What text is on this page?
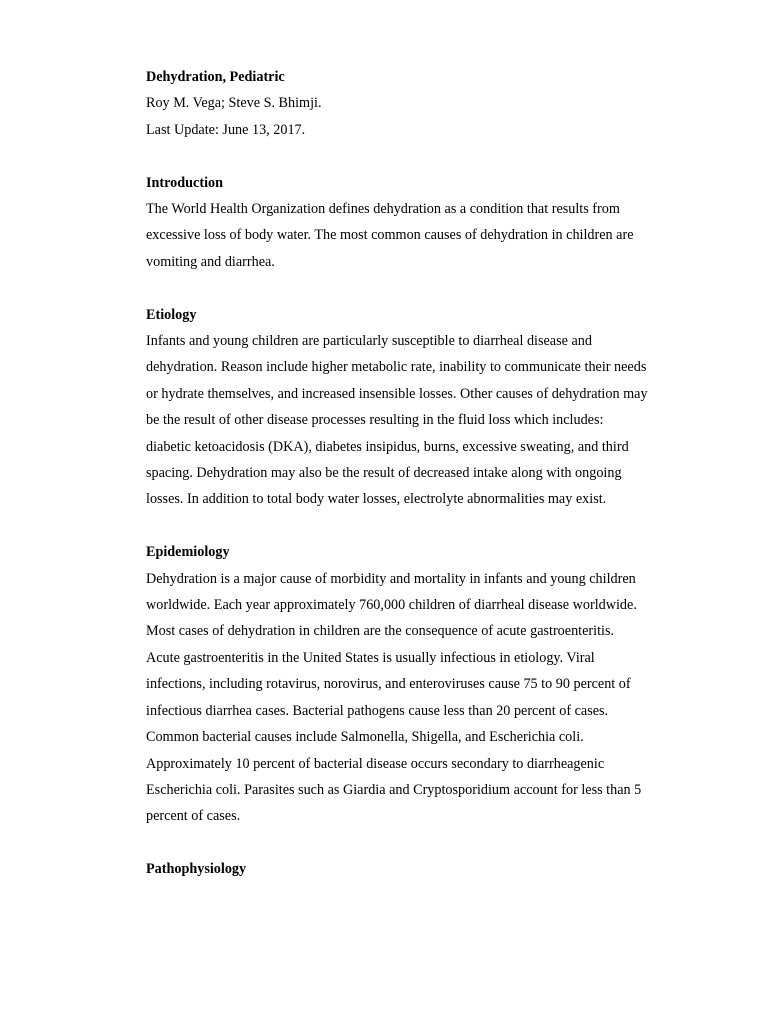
Dehydration, Pediatric
Roy M. Vega; Steve S. Bhimji.
Last Update: June 13, 2017.
Introduction

The World Health Organization defines dehydration as a condition that results from
excessive loss of body water. The most common causes of dehydration in children are
vomiting and diarrhea.

Etiology

Infants and young children are particularly susceptible to diarrheal disease and
dehydration. Reason include higher metabolic rate, inability to communicate their needs
or hydrate themselves, and increased insensible losses. Other causes of dehydration may
be the result of other disease processes resulting in the fluid loss which includes:
diabetic ketoacidosis (DKA), diabetes insipidus, burns, excessive sweating, and third
spacing. Dehydration may also be the result of decreased intake along with ongoing
losses. In addition to total body water losses, electrolyte abnormalities may exist.

Epidemiology

Dehydration is a major cause of morbidity and mortality in infants and young children
worldwide. Each year approximately 760,000 children of diarrheal disease worldwide.
Most cases of dehydration in children are the consequence of acute gastroenteritis.
Acute gastroenteritis in the United States is usually infectious in etiology. Viral
infections, including rotavirus, norovirus, and enteroviruses cause 75 to 90 percent of
infectious diarrhea cases. Bacterial pathogens cause less than 20 percent of cases.
Common bacterial causes include Salmonella, Shigella, and Escherichia coli.
Approximately 10 percent of bacterial disease occurs secondary to diarrheagenic
Escherichia coli. Parasites such as Giardia and Cryptosporidium account for less than 5
percent of cases.

Pathophysiology
